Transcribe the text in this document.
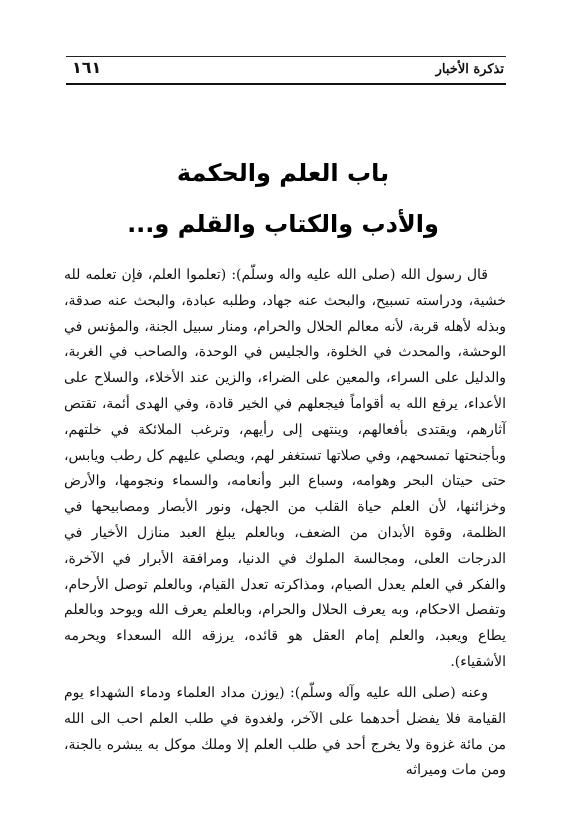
تذكرة الأخبار
١٦١
باب العلم والحكمة
والأدب والكتاب والقلم و...

قال رسول الله (صلى الله عليه واله وسلّم): (تعلموا العلم، فإن تعلمه لله خشية، ودراسته تسبيح، والبحث عنه جهاد، وطلبه عبادة، والبحث عنه صدقة، وبذله لأهله قربة، لأنه معالم الحلال والحرام، ومنار سبيل الجنة، والمؤنس في الوحشة، والمحدث في الخلوة، والجليس في الوحدة، والصاحب في الغربة، والدليل على السراء، والمعين على الضراء، والزين عند الأخلاء، والسلاح على الأعداء، يرفع الله به أقواماً فيجعلهم في الخير قادة، وفي الهدى أئمة، تقتص آثارهم، ويقتدى بأفعالهم، وينتهى إلى رأيهم، وترغب الملائكة في خلتهم، وبأجنحتها تمسحهم، وفي صلاتها تستغفر لهم، ويصلي عليهم كل رطب ويابس، حتى حيتان البحر وهوامه، وسباع البر وأنعامه، والسماء ونجومها، والأرض وخزائنها، لأن العلم حياة القلب من الجهل، ونور الأبصار ومصابيحها في الظلمة، وقوة الأبدان من الضعف، وبالعلم يبلغ العبد منازل الأخيار في الدرجات العلى، ومجالسة الملوك في الدنيا، ومرافقة الأبرار في الآخرة، والفكر في العلم يعدل الصيام، ومذاكرته تعدل القيام، وبالعلم توصل الأرحام، وتفصل الاحكام، وبه يعرف الحلال والحرام، وبالعلم يعرف الله ويوحد وبالعلم يطاع ويعبد، والعلم إمام العقل هو قائده، يرزقه الله السعداء ويحرمه الأشقياء).

وعنه (صلى الله عليه وآله وسلّم): (يوزن مداد العلماء ودماء الشهداء يوم القيامة فلا يفضل أحدهما على الآخر، ولغدوة في طلب العلم احب الى الله من مائة غزوة ولا يخرج أحد في طلب العلم إلا وملك موكل به يبشره بالجنة، ومن مات وميراثه
